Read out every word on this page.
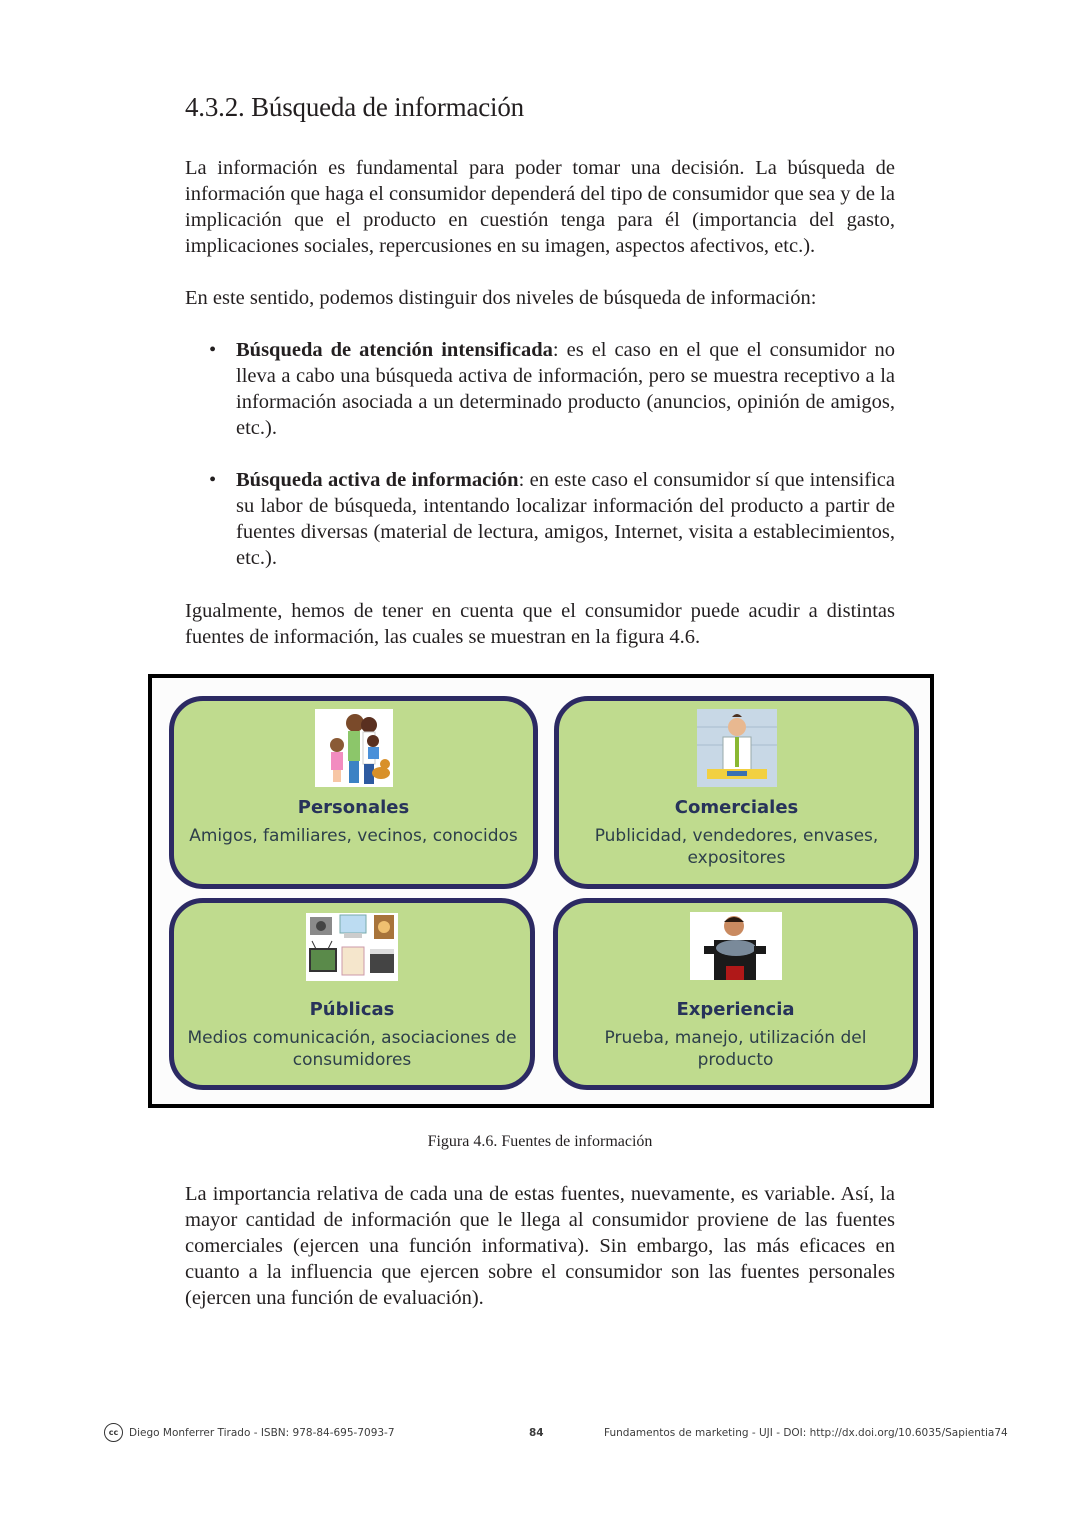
4.3.2. Búsqueda de información

La información es fundamental para poder tomar una decisión. La búsqueda de información que haga el consumidor dependerá del tipo de consumidor que sea y de la implicación que el producto en cuestión tenga para él (importancia del gasto, implicaciones sociales, repercusiones en su imagen, aspectos afectivos, etc.).

En este sentido, podemos distinguir dos niveles de búsqueda de información:

• Búsqueda de atención intensificada: es el caso en el que el consumidor no lleva a cabo una búsqueda activa de información, pero se muestra receptivo a la información asociada a un determinado producto (anuncios, opinión de amigos, etc.).
• Búsqueda activa de información: en este caso el consumidor sí que intensifica su labor de búsqueda, intentando localizar información del producto a partir de fuentes diversas (material de lectura, amigos, Internet, visita a establecimientos, etc.).

Igualmente, hemos de tener en cuenta que el consumidor puede acudir a distintas fuentes de información, las cuales se muestran en la figura 4.6.

Personales
Amigos, familiares, vecinos, conocidos
Comerciales
Publicidad, vendedores, envases, expositores
Públicas
Medios comunicación, asociaciones de consumidores
Experiencia
Prueba, manejo, utilización del producto
Figura 4.6. Fuentes de información

La importancia relativa de cada una de estas fuentes, nuevamente, es variable. Así, la mayor cantidad de información que le llega al consumidor proviene de las fuentes comerciales (ejercen una función informativa). Sin embargo, las más eficaces en cuanto a la influencia que ejercen sobre el consumidor son las fuentes personales (ejercen una función de evaluación).

cc	Diego Monferrer Tirado - ISBN: 978-84-695-7093-7	84	Fundamentos de marketing - UJI - DOI: http://dx.doi.org/10.6035/Sapientia74
